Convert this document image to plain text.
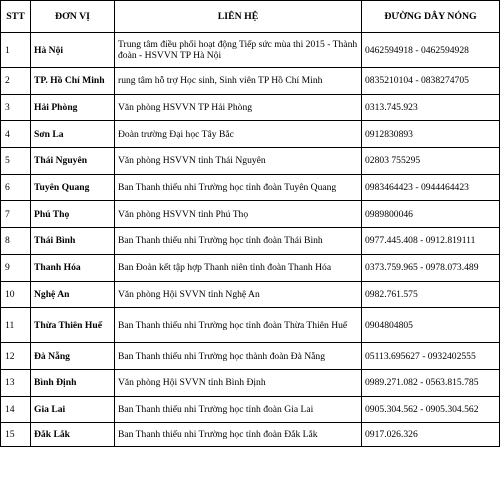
STT	ĐƠN VỊ	LIÊN HỆ	ĐƯỜNG DÂY NÓNG
1	Hà Nội	Trung tâm điều phối hoạt động Tiếp sức mùa thi 2015 - Thành đoàn - HSVVN TP Hà Nội	0462594918 - 0462594928
2	TP. Hồ Chí Minh	rung tâm hỗ trợ Học sinh, Sinh viên TP Hồ Chí Minh	0835210104 - 0838274705
3	Hải Phòng	Văn phòng HSVVN TP Hải Phòng	0313.745.923
4	Sơn La	Đoàn trường Đại học Tây Bắc	0912830893
5	Thái Nguyên	Văn phòng HSVVN tỉnh Thái Nguyên	02803 755295
6	Tuyên Quang	Ban Thanh thiếu nhi Trường học tỉnh đoàn Tuyên Quang	0983464423 - 0944464423
7	Phú Thọ	Văn phòng HSVVN tỉnh Phú Thọ	0989800046
8	Thái Bình	Ban Thanh thiếu nhi Trường học tỉnh đoàn Thái Bình	0977.445.408 - 0912.819111
9	Thanh Hóa	Ban Đoàn kết tập hợp Thanh niên tỉnh đoàn Thanh Hóa	0373.759.965 - 0978.073.489
10	Nghệ An	Văn phòng Hội SVVN tỉnh Nghệ An	0982.761.575
11	Thừa Thiên Huế	Ban Thanh thiếu nhi Trường học tỉnh đoàn Thừa Thiên Huế	0904804805
12	Đà Nẵng	Ban Thanh thiếu nhi Trường học thành đoàn Đà Nẵng	05113.695627 - 0932402555
13	Bình Định	Văn phòng Hội SVVN tỉnh Bình Định	0989.271.082 - 0563.815.785
14	Gia Lai	Ban Thanh thiếu nhi Trường học tỉnh đoàn Gia Lai	0905.304.562 - 0905.304.562
15	Đắk Lắk	Ban Thanh thiếu nhi Trường học tỉnh đoàn Đắk Lắk	0917.026.326
